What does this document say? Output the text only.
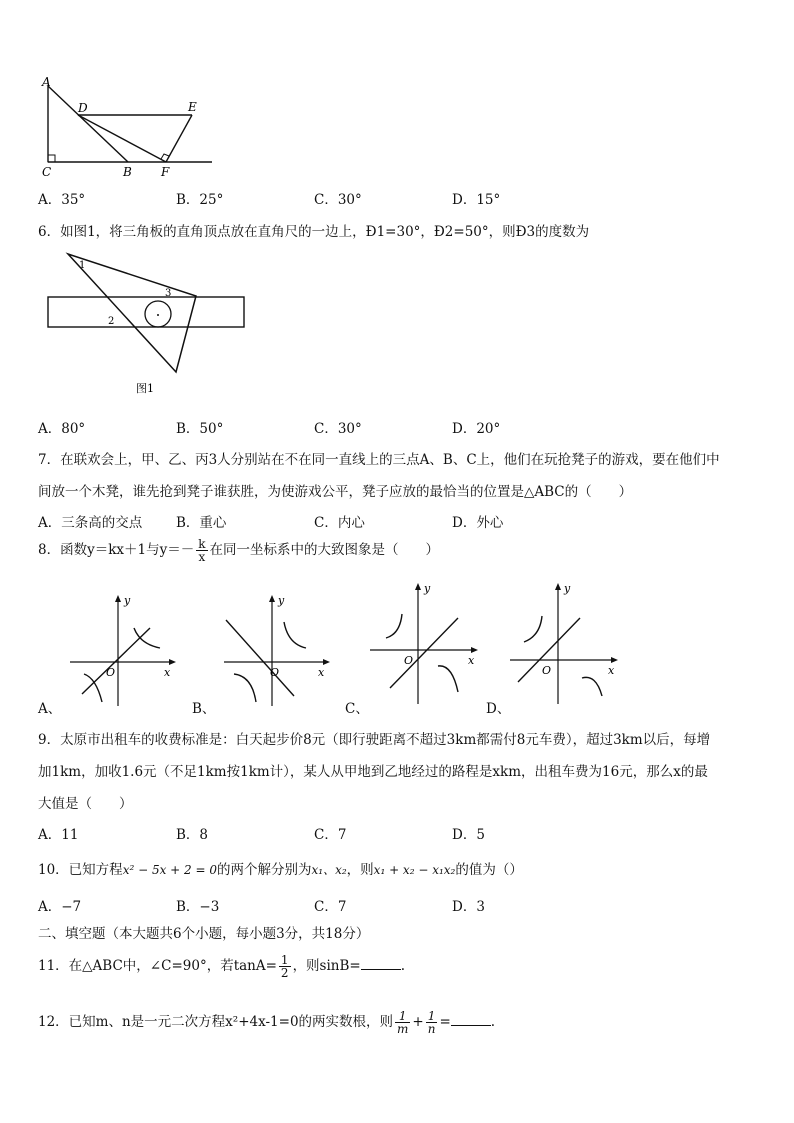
A
D	E
C	B F
A．35°	B．25°	C．30°	D．15°
6．如图1，将三角板的直角顶点放在直角尺的一边上，Ð1=30°，Ð2=50°，则Ð3的度数为
1
2
3
图1
A．80°	B．50°	C．30°	D．20°
7．在联欢会上，甲、乙、丙3人分别站在不在同一直线上的三点A、B、C上，他们在玩抢凳子的游戏，要在他们中
间放一个木凳，谁先抢到凳子谁获胜，为使游戏公平，凳子应放的最恰当的位置是△ABC的（　　）
A．三条高的交点	B．重心	C．内心	D．外心
8．函数y＝kx＋1与$y=- \frac{k}{x}$ 在同一坐标系中的大致图象是（　　）
y
x
O
y
x
O
y
x
O
y
x
O
A、	B、	C、	D、
9．太原市出租车的收费标准是：白天起步价8元（即行驶距离不超过3km都需付8元车费），超过3km以后，每增
加1km，加收1.6元（不足1km按1km计），某人从甲地到乙地经过的路程是xkm，出租车费为16元，那么x的最
大值是（　　）
A．11	B．8	C．7	D．5
10．已知方程x² − 5x + 2 = 0的两个解分别为x₁、x₂，则x₁ + x₂ − x₁x₂的值为（）
A．−7	B．−3	C．7	D．3
二、填空题（本大题共6个小题，每小题3分，共18分）
11．在△ABC中，∠C=90°，若$\tan A= \frac{1}{2}$ ，则sinB=	.
12．已知m、n是一元二次方程x²+4x-1=0的两实数根，则 $\frac{1}{m} + \frac{1}{n}$ =	.
